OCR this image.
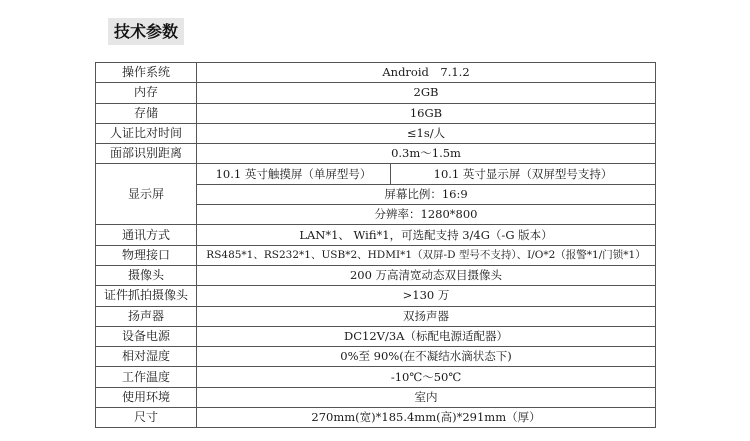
技术参数
操作系统	Android　7.1.2	
内存	2GB	
存储	16GB	
人证比对时间	≤1s/人	
面部识别距离	0.3m～1.5m	
显示屏	10.1 英寸触摸屏（单屏型号）	10.1 英寸显示屏（双屏型号支持）
	屏幕比例：16:9	
	分辨率：1280*800	
通讯方式	LAN*1、 Wifi*1，可选配支持 3/4G（-G 版本）	
物理接口	RS485*1、RS232*1、USB*2、HDMI*1（双屏-D 型号不支持）、I/O*2（报警*1/门锁*1）	
摄像头	200 万高清宽动态双目摄像头	
证件抓拍摄像头	>130 万	
扬声器	双扬声器	
设备电源	DC12V/3A（标配电源适配器）	
相对湿度	0%至 90%(在不凝结水滴状态下)	
工作温度	-10℃～50℃	
使用环境	室内	
尺寸	270mm(宽)*185.4mm(高)*291mm（厚）	
